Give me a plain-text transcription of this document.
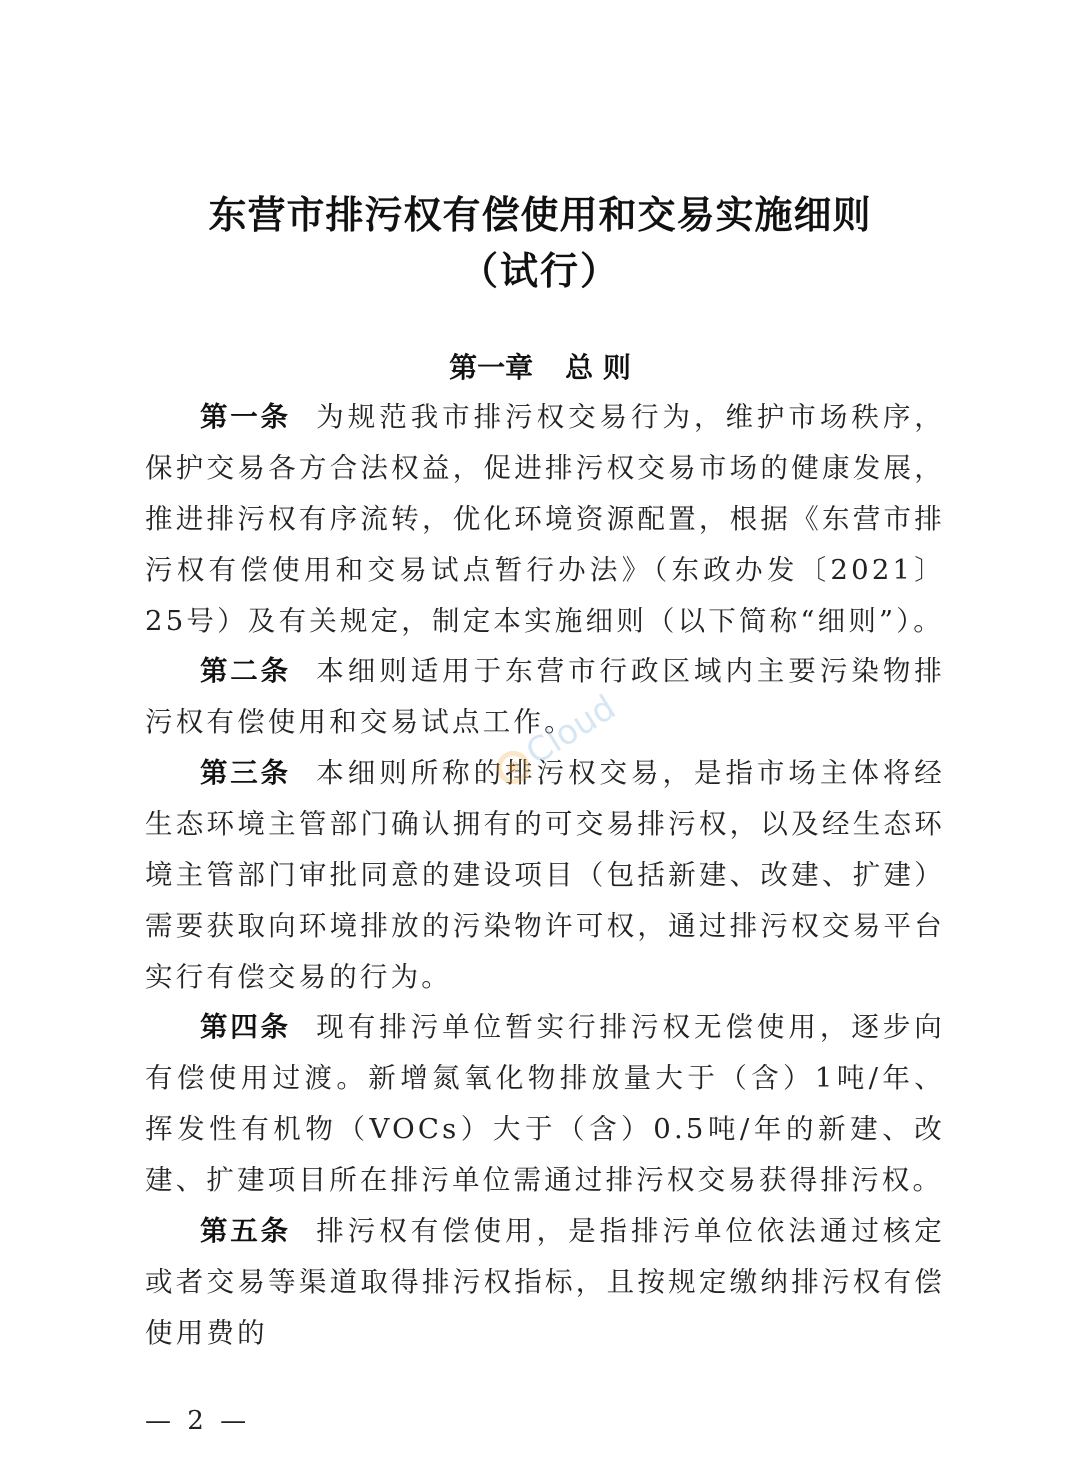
东营市排污权有偿使用和交易实施细则
（试行）
第一章 总 则

第一条 为规范我市排污权交易行为，维护市场秩序，保护交易各方合法权益，促进排污权交易市场的健康发展，推进排污权有序流转，优化环境资源配置，根据《东营市排污权有偿使用和交易试点暂行办法》（东政办发〔2021〕25号）及有关规定，制定本实施细则（以下简称“细则”）。

第二条 本细则适用于东营市行政区域内主要污染物排污权有偿使用和交易试点工作。

第三条 本细则所称的排污权交易，是指市场主体将经生态环境主管部门确认拥有的可交易排污权，以及经生态环境主管部门审批同意的建设项目（包括新建、改建、扩建）需要获取向环境排放的污染物许可权，通过排污权交易平台实行有偿交易的行为。

第四条 现有排污单位暂实行排污权无偿使用，逐步向有偿使用过渡。新增氮氧化物排放量大于（含）1吨/年、挥发性有机物（VOCs）大于（含）0.5吨/年的新建、改建、扩建项目所在排污单位需通过排污权交易获得排污权。

第五条 排污权有偿使用，是指排污单位依法通过核定或者交易等渠道取得排污权指标，且按规定缴纳排污权有偿使用费的

— 2 —
Cloud
